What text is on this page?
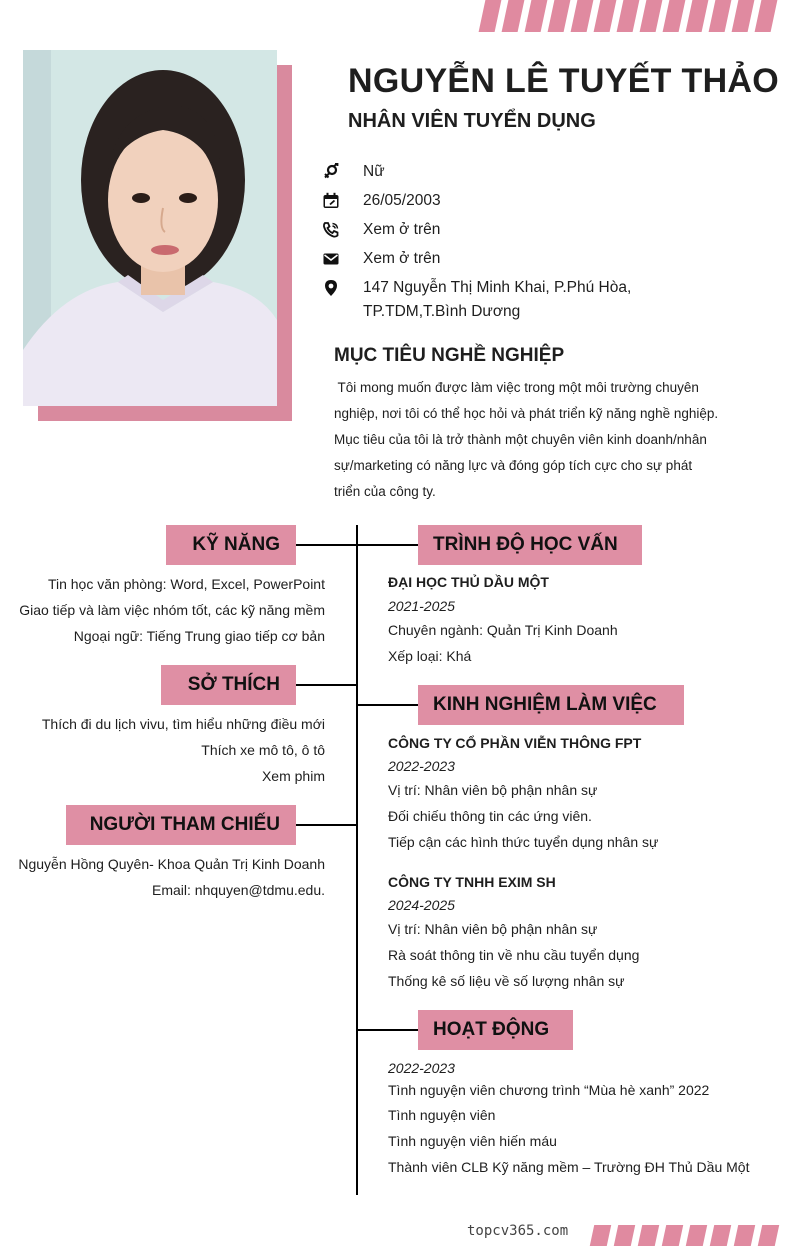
NGUYỄN LÊ TUYẾT THẢO
NHÂN VIÊN TUYỂN DỤNG
Nữ
26/05/2003
Xem ở trên
Xem ở trên
147 Nguyễn Thị Minh Khai, P.Phú Hòa,
TP.TDM,T.Bình Dương
MỤC TIÊU NGHỀ NGHIỆP
Tôi mong muốn được làm việc trong một môi trường chuyên
nghiệp, nơi tôi có thể học hỏi và phát triển kỹ năng nghề nghiệp.
Mục tiêu của tôi là trở thành một chuyên viên kinh doanh/nhân
sự/marketing có năng lực và đóng góp tích cực cho sự phát
triển của công ty.
KỸ NĂNG
Tin học văn phòng: Word, Excel, PowerPoint
Giao tiếp và làm việc nhóm tốt, các kỹ năng mềm
Ngoại ngữ: Tiếng Trung giao tiếp cơ bản
SỞ THÍCH
Thích đi du lịch vivu, tìm hiểu những điều mới
Thích xe mô tô, ô tô
Xem phim
NGƯỜI THAM CHIẾU
Nguyễn Hồng Quyên- Khoa Quản Trị Kinh Doanh
Email: nhquyen@tdmu.edu.
TRÌNH ĐỘ HỌC VẤN
ĐẠI HỌC THỦ DẦU MỘT
2021-2025
Chuyên ngành: Quản Trị Kinh Doanh
Xếp loại: Khá
KINH NGHIỆM LÀM VIỆC
CÔNG TY CỔ PHẦN VIỄN THÔNG FPT
2022-2023
Vị trí: Nhân viên bộ phận nhân sự
Đối chiếu thông tin các ứng viên.
Tiếp cận các hình thức tuyển dụng nhân sự
CÔNG TY TNHH EXIM SH
2024-2025
Vị trí: Nhân viên bộ phận nhân sự
Rà soát thông tin về nhu cầu tuyển dụng
Thống kê số liệu về số lượng nhân sự
HOẠT ĐỘNG
2022-2023
Tình nguyện viên chương trình “Mùa hè xanh” 2022
Tình nguyện viên
Tình nguyện viên hiến máu
Thành viên CLB Kỹ năng mềm – Trường ĐH Thủ Dầu Một
topcv365.com
